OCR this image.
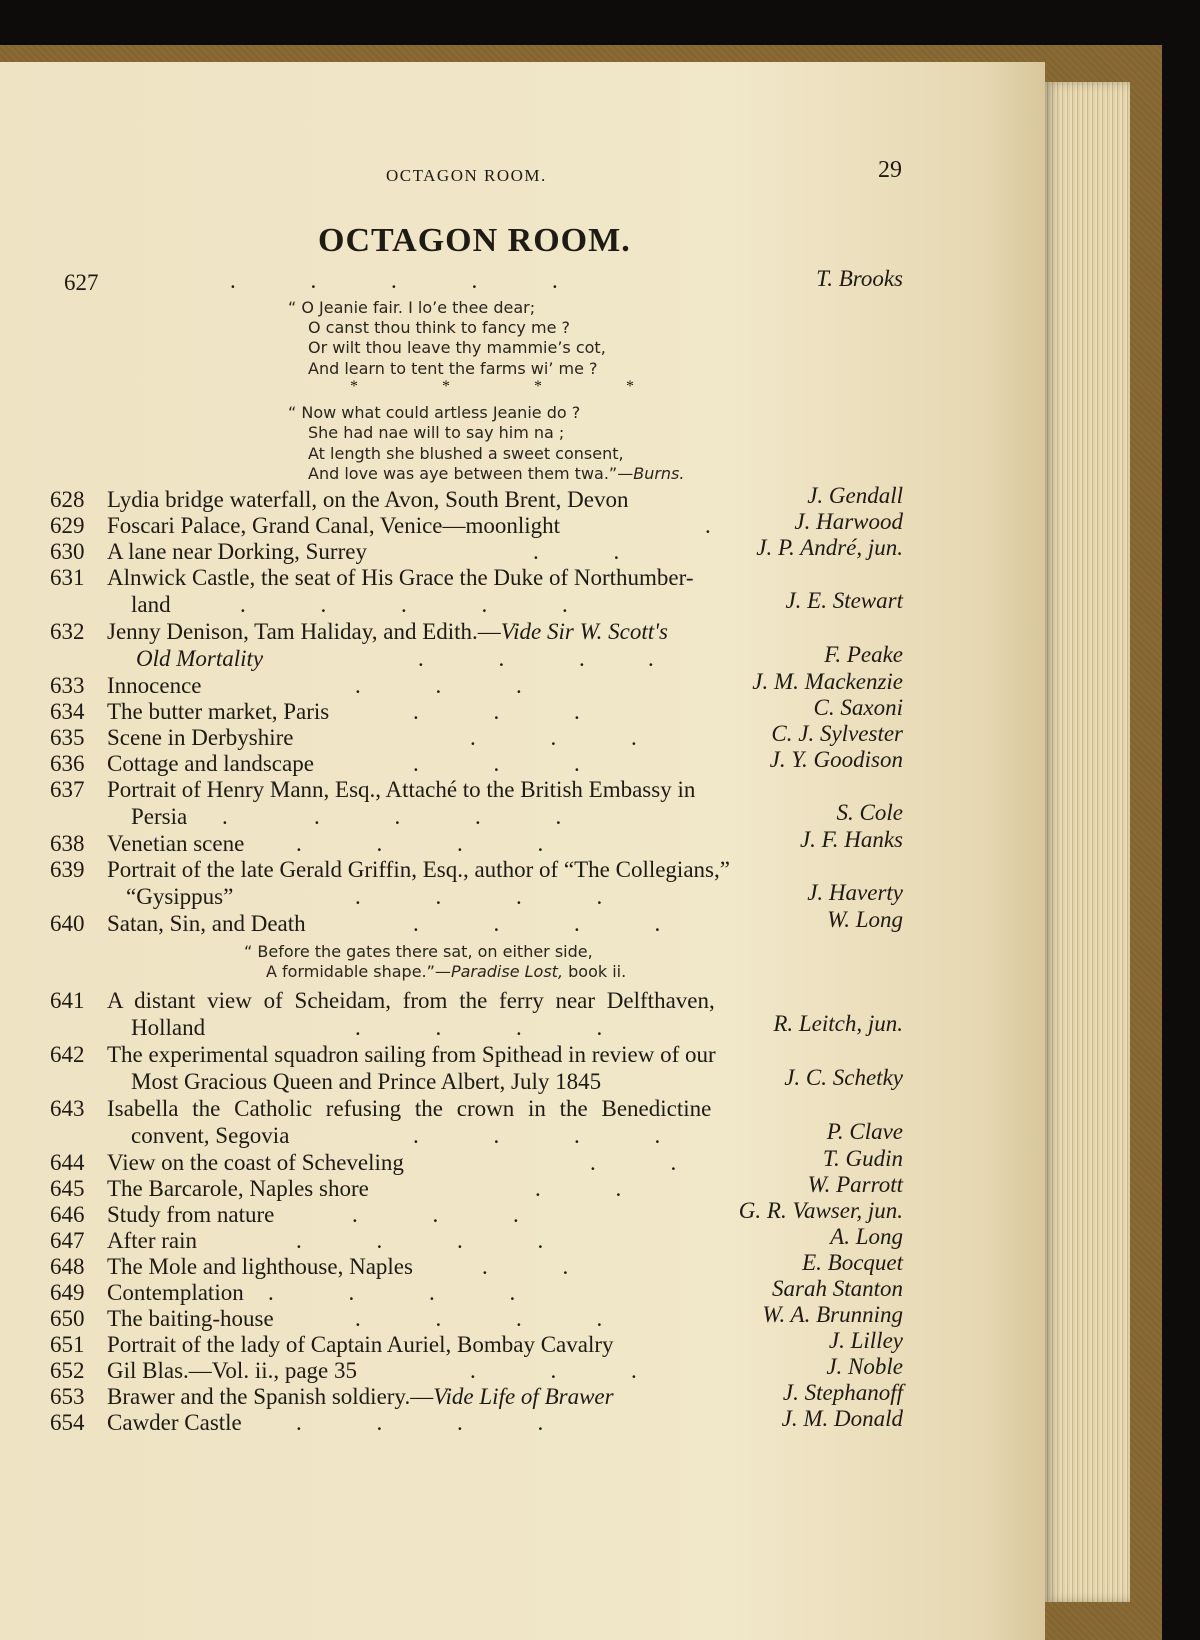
OCTAGON ROOM.	29
OCTAGON ROOM.
627	.             .             .             .             .	T. Brooks
“ O Jeanie fair. I lo’e thee dear;
O canst thou think to fancy me ?
Or wilt thou leave thy mammie’s cot,
And learn to tent the farms wi’ me ?
* * * *
“ Now what could artless Jeanie do ?
She had nae will to say him na ;
At length she blushed a sweet consent,
And love was aye between them twa.”—Burns.
628 Lydia bridge waterfall, on the Avon, South Brent, Devon	J. Gendall
629 Foscari Palace, Grand Canal, Venice—moonlight	.	J. Harwood
630 A lane near Dorking, Surrey	.             .	J. P. André, jun.
631 Alnwick Castle, the seat of His Grace the Duke of Northumber-
land	.             .             .             .             .	J. E. Stewart
632 Jenny Denison, Tam Haliday, and Edith.—Vide Sir W. Scott's
Old Mortality	.             .             .           .	F. Peake
633 Innocence	.             .             .	J. M. Mackenzie
634 The butter market, Paris	.             .             .	C. Saxoni
635 Scene in Derbyshire	.             .             .	C. J. Sylvester
636 Cottage and landscape	.             .             .	J. Y. Goodison
637 Portrait of Henry Mann, Esq., Attaché to the British Embassy in
Persia .               .             .             .             .	S. Cole
638 Venetian scene .             .             .             .	J. F. Hanks
639 Portrait of the late Gerald Griffin, Esq., author of “The Collegians,”
“Gysippus”	.             .             .             .	J. Haverty
640 Satan, Sin, and Death	.             .             .             .	W. Long
“ Before the gates there sat, on either side,
A formidable shape.”—Paradise Lost, book ii.
641 A distant view of Scheidam, from the ferry near Delfthaven,
Holland	.             .             .             .	R. Leitch, jun.
642 The experimental squadron sailing from Spithead in review of our
Most Gracious Queen and Prince Albert, July 1845	J. C. Schetky
643 Isabella the Catholic refusing the crown in the Benedictine
convent, Segovia	.             .             .             .	P. Clave
644 View on the coast of Scheveling	.             .	T. Gudin
645 The Barcarole, Naples shore	.             .	W. Parrott
646 Study from nature	.             .             .	G. R. Vawser, jun.
647 After rain	.             .             .             .	A. Long
648 The Mole and lighthouse, Naples	.             .	E. Bocquet
649 Contemplation .             .             .             .	Sarah Stanton
650 The baiting-house	.             .             .             .	W. A. Brunning
651 Portrait of the lady of Captain Auriel, Bombay Cavalry	J. Lilley
652 Gil Blas.—Vol. ii., page 35	.             .             .	J. Noble
653 Brawer and the Spanish soldiery.—Vide Life of Brawer	J. Stephanoff
654 Cawder Castle .             .             .             .	J. M. Donald
